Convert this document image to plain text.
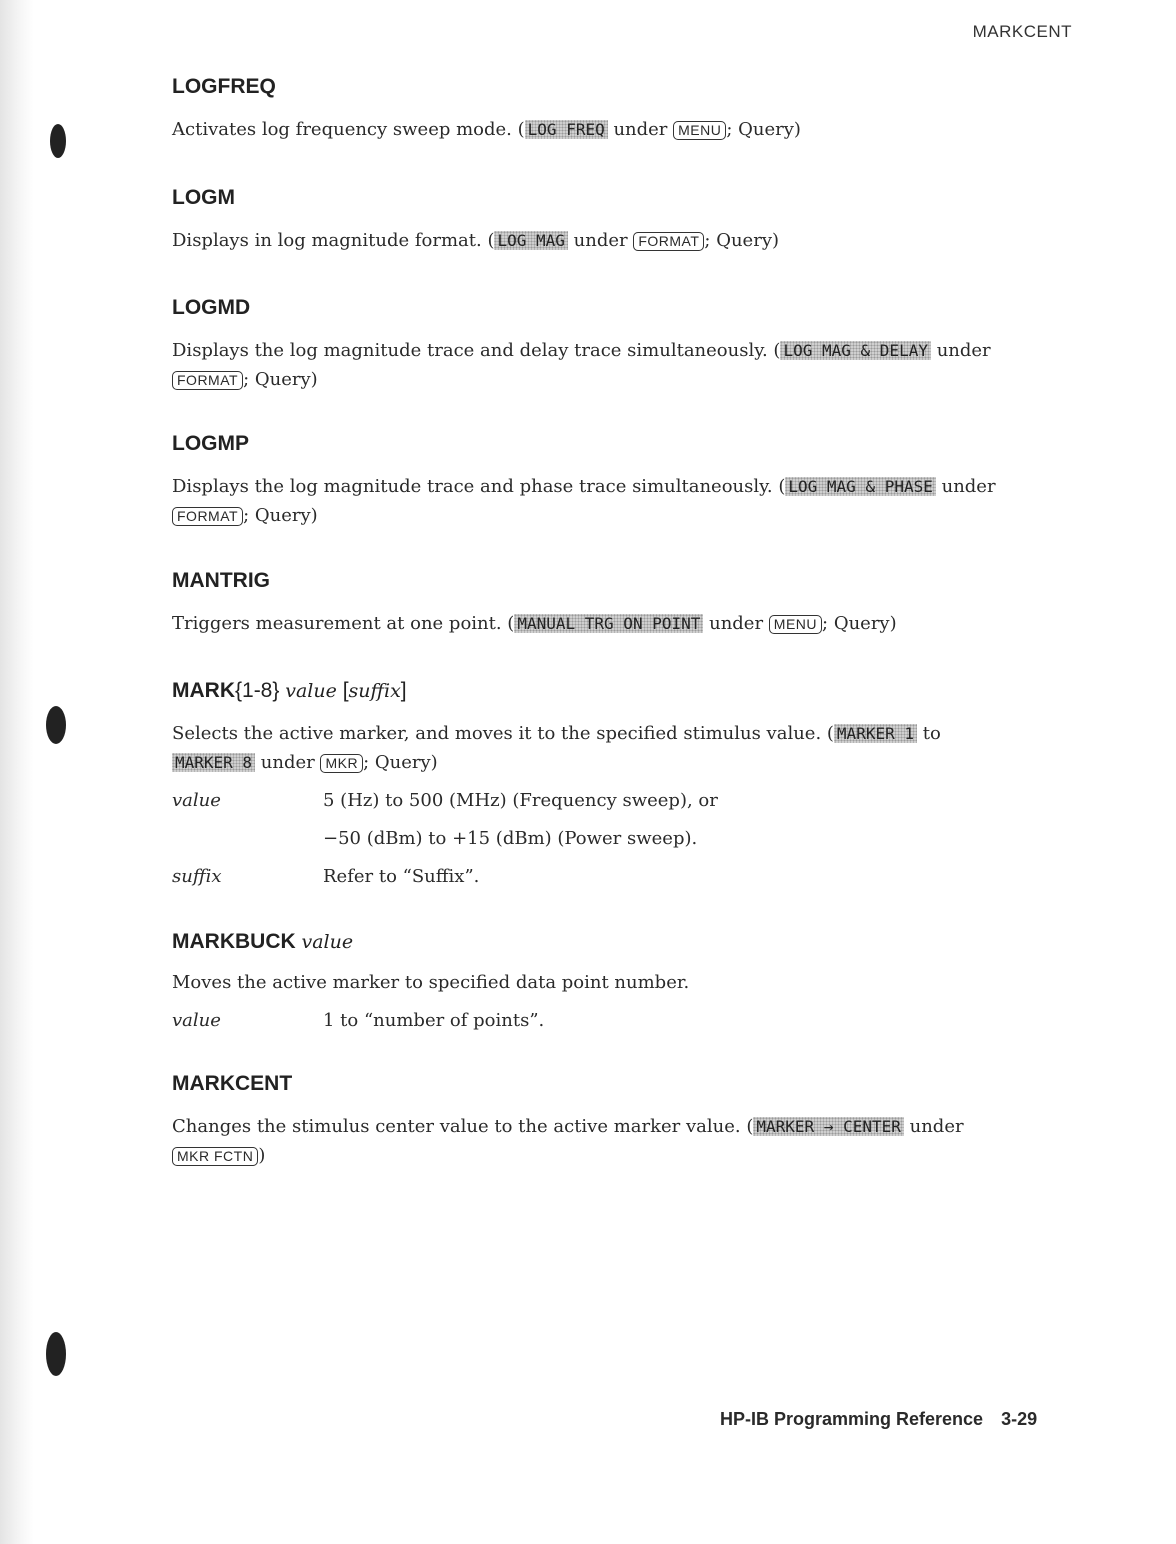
MARKCENT
LOGFREQ

Activates log frequency sweep mode. ( LOG FREQ under MENU ; Query)

LOGM

Displays in log magnitude format. ( LOG MAG under FORMAT ; Query)

LOGMD

Displays the log magnitude trace and delay trace simultaneously. ( LOG MAG & DELAY under
FORMAT ; Query)

LOGMP

Displays the log magnitude trace and phase trace simultaneously. ( LOG MAG & PHASE under
FORMAT ; Query)

MANTRIG

Triggers measurement at one point. ( MANUAL TRG ON POINT under MENU ; Query)

MARK{1-8} value [suffix]

Selects the active marker, and moves it to the specified stimulus value. ( MARKER 1 to
MARKER 8 under MKR ; Query)

value	5 (Hz) to 500 (MHz) (Frequency sweep), or
−50 (dBm) to +15 (dBm) (Power sweep).
suffix	Refer to “Suffix”.
MARKBUCK value

Moves the active marker to specified data point number.

value	1 to “number of points”.
MARKCENT

Changes the stimulus center value to the active marker value. ( MARKER → CENTER under
MKR FCTN )

HP-IB Programming Reference 3-29
